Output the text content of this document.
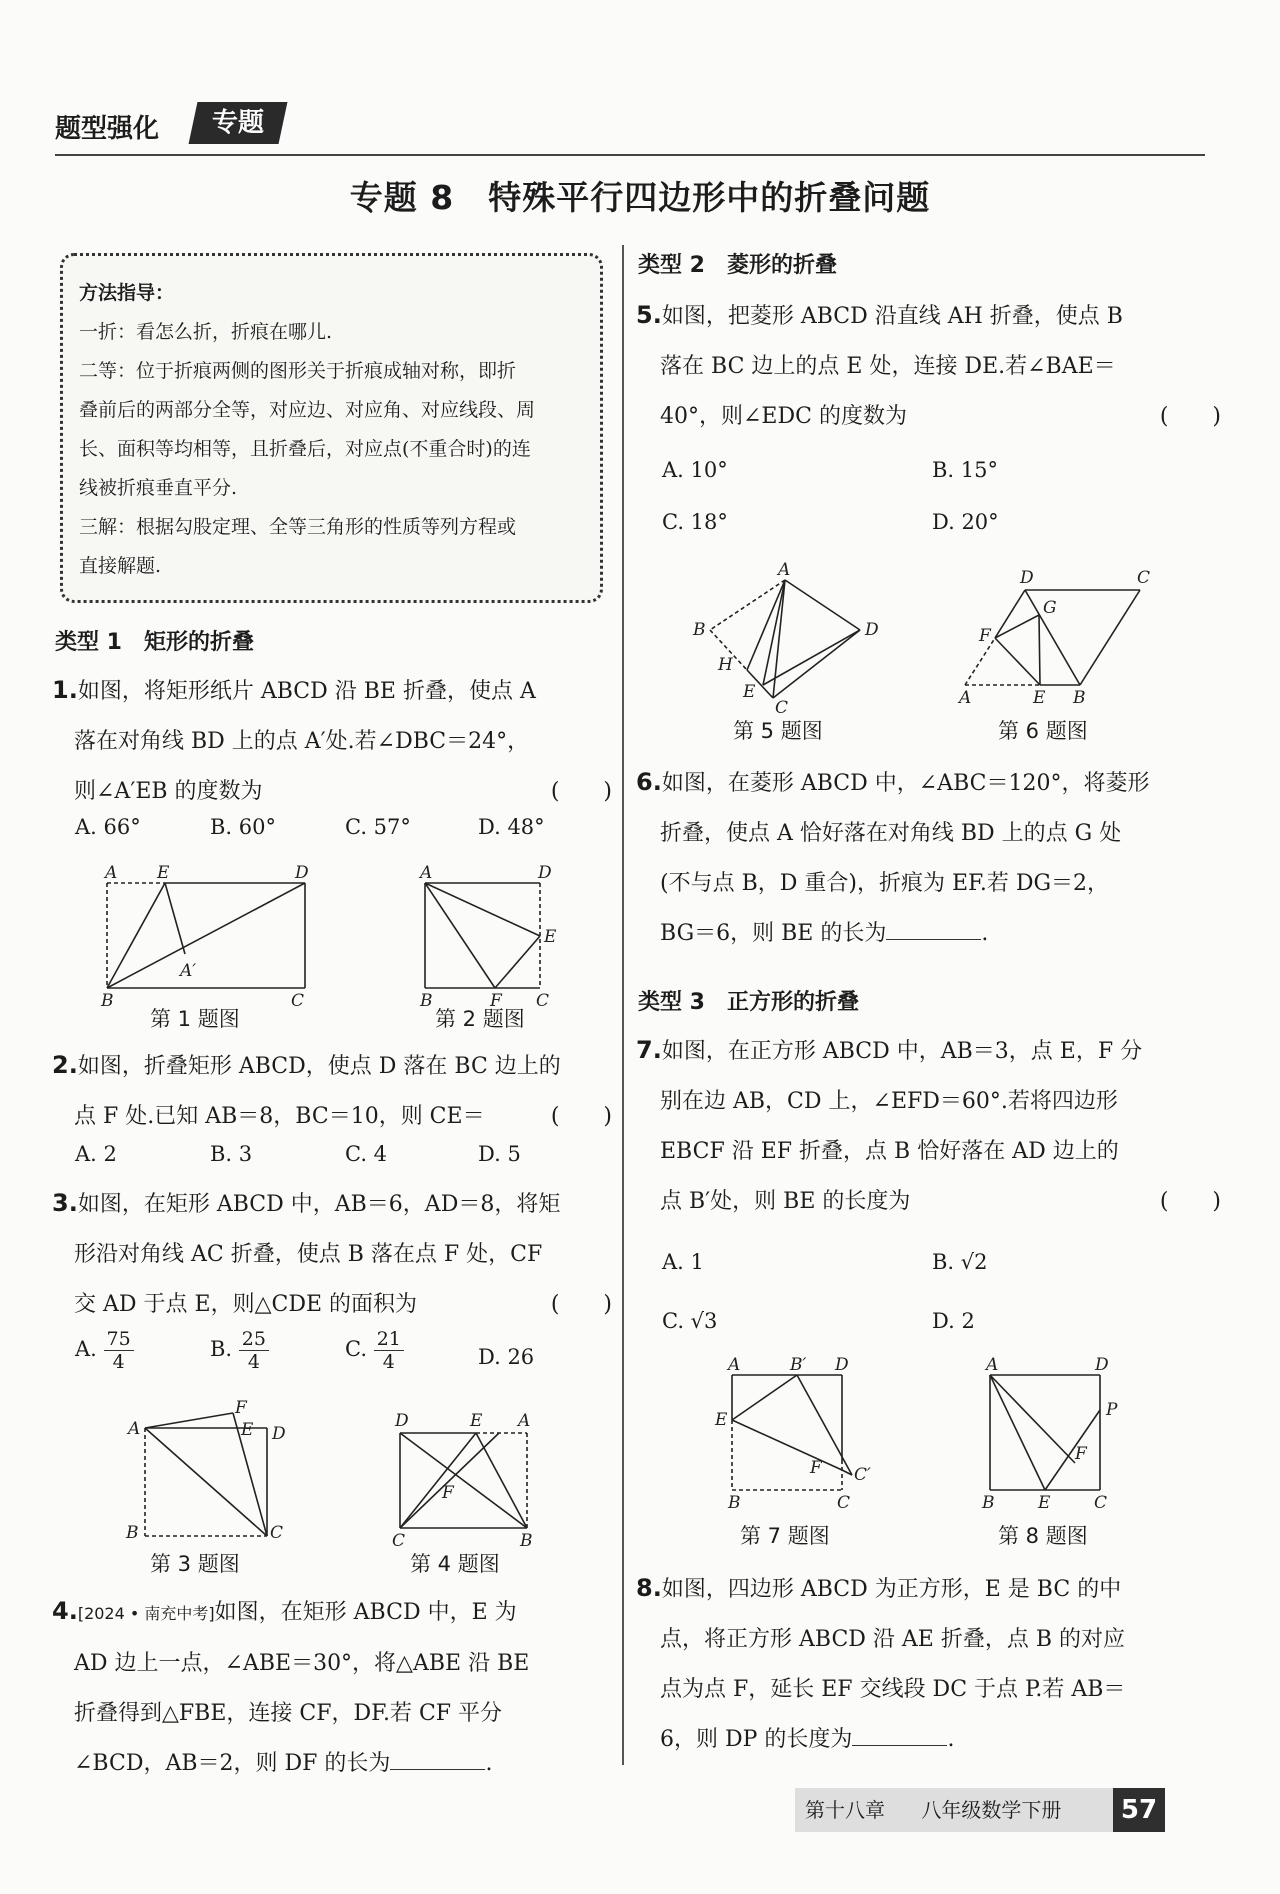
题型强化	专题
专题 8　特殊平行四边形中的折叠问题
方法指导：
一折：看怎么折，折痕在哪儿.
二等：位于折痕两侧的图形关于折痕成轴对称，即折
叠前后的两部分全等，对应边、对应角、对应线段、周
长、面积等均相等，且折叠后，对应点(不重合时)的连
线被折痕垂直平分.
三解：根据勾股定理、全等三角形的性质等列方程或
直接解题.
类型 1　矩形的折叠
1.如图，将矩形纸片 ABCD 沿 BE 折叠，使点 A
落在对角线 BD 上的点 A′处.若∠DBC＝24°，
则∠A′EB 的度数为	(　　)
A. 66°	B. 60°	C. 57°	D. 48°
A E	D
A′
B	C
第 1 题图
A	D
E
B	F C
第 2 题图
2.如图，折叠矩形 ABCD，使点 D 落在 BC 边上的
点 F 处.已知 AB＝8，BC＝10，则 CE＝	(　　)
A. 2	B. 3	C. 4	D. 5
3.如图，在矩形 ABCD 中，AB＝6，AD＝8，将矩
形沿对角线 AC 折叠，使点 B 落在点 F 处，CF
交 AD 于点 E，则△CDE 的面积为	(　　)
A. $\frac{75}{4}$	B. $\frac{25}{4}$	C. $\frac{21}{4}$	D. 26
F
E
A	D
B	C
第 3 题图
D	E A
F
C	B
第 4 题图
4.[2024 • 南充中考]如图，在矩形 ABCD 中，E 为
AD 边上一点，∠ABE＝30°，将△ABE 沿 BE
折叠得到△FBE，连接 CF，DF.若 CF 平分
∠BCD，AB＝2，则 DF 的长为	.
类型 2　菱形的折叠
5.如图，把菱形 ABCD 沿直线 AH 折叠，使点 B
落在 BC 边上的点 E 处，连接 DE.若∠BAE＝
40°，则∠EDC 的度数为	(　　)
A. 10°	B. 15°
C. 18°	D. 20°
A
B	D
H
E
C
第 5 题图
D	C
G
F
A	E B
第 6 题图
6.如图，在菱形 ABCD 中，∠ABC＝120°，将菱形
折叠，使点 A 恰好落在对角线 BD 上的点 G 处
(不与点 B，D 重合)，折痕为 EF.若 DG＝2，
BG＝6，则 BE 的长为	.
类型 3　正方形的折叠
7.如图，在正方形 ABCD 中，AB＝3，点 E，F 分
别在边 AB，CD 上，∠EFD＝60°.若将四边形
EBCF 沿 EF 折叠，点 B 恰好落在 AD 边上的
点 B′处，则 BE 的长度为	(　　)
A. 1	B. √2
C. √3	D. 2
A	B′ D
E
F C′
B	C
第 7 题图
A	D
P
F
B	E	C
第 8 题图
8.如图，四边形 ABCD 为正方形，E 是 BC 的中
点，将正方形 ABCD 沿 AE 折叠，点 B 的对应
点为点 F，延长 EF 交线段 DC 于点 P.若 AB＝
6，则 DP 的长度为	.
第十八章 八年级数学下册	57
